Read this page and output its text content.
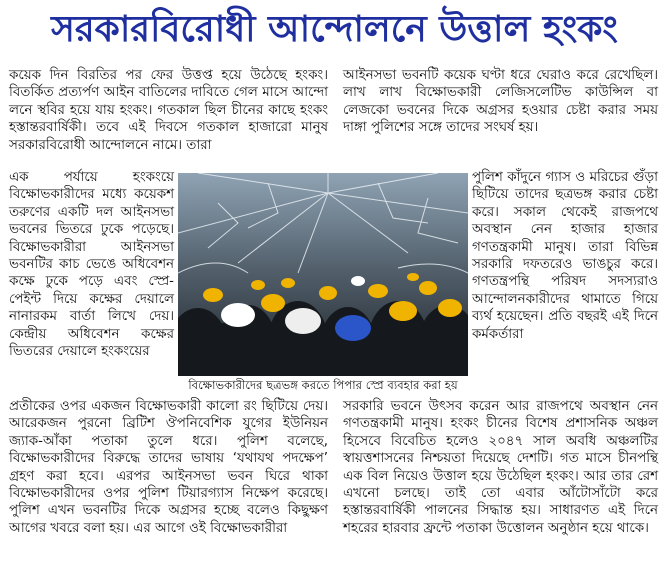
সরকারবিরোধী আন্দোলনে উত্তাল হংকং

কয়েক দিন বিরতির পর ফের উত্তপ্ত হয়ে উঠেছে হংকং। বিতর্কিত প্রত্যর্পণ আইন বাতিলের দাবিতে গেল মাসে আন্দো লনে স্থবির হয়ে যায় হংকং। গতকাল ছিল চীনের কাছে হংকং হস্তান্তরবার্ষিকী। তবে এই দিবসে গতকাল হাজারো মানুষ সরকারবিরোধী আন্দোলনে নামে। তারা

এক পর্যায়ে হংকংয়ে বিক্ষোভকারীদের মধ্যে কয়েকশ তরুণের একটি দল আইনসভা ভবনের ভিতরে ঢুকে পড়েছে। বিক্ষোভকারীরা আইনসভা ভবনটির কাচ ভেঙে অধিবেশন কক্ষে ঢুকে পড়ে এবং স্প্রে-পেইন্ট দিয়ে কক্ষের দেয়ালে নানারকম বার্তা লিখে দেয়। কেন্দ্রীয় অধিবেশন কক্ষের ভিতরের দেয়ালে হংকংয়ের

প্রতীকের ওপর একজন বিক্ষোভকারী কালো রং ছিটিয়ে দেয়। আরেকজন পুরনো ব্রিটিশ ঔপনিবেশিক যুগের ইউনিয়ন জ্যাক-আঁকা পতাকা তুলে ধরে। পুলিশ বলেছে, বিক্ষোভকারীদের বিরুদ্ধে তাদের ভাষায় ‘যথাযথ পদক্ষেপ’ গ্রহণ করা হবে। এরপর আইনসভা ভবন ঘিরে থাকা বিক্ষোভকারীদের ওপর পুলিশ টিয়ারগ্যাস নিক্ষেপ করেছে। পুলিশ এখন ভবনটির দিকে অগ্রসর হচ্ছে বলেও কিছুক্ষণ আগের খবরে বলা হয়। এর আগে ওই বিক্ষোভকারীরা

আইনসভা ভবনটি কয়েক ঘণ্টা ধরে ঘেরাও করে রেখেছিল। লাখ লাখ বিক্ষোভকারী লেজিসলেটিভ কাউন্সিল বা লেজকো ভবনের দিকে অগ্রসর হওয়ার চেষ্টা করার সময় দাঙ্গা পুলিশের সঙ্গে তাদের সংঘর্ষ হয়।

পুলিশ কাঁদুনে গ্যাস ও মরিচের গুঁড়া ছিটিয়ে তাদের ছত্রভঙ্গ করার চেষ্টা করে। সকাল থেকেই রাজপথে অবস্থান নেন হাজার হাজার গণতন্ত্রকামী মানুষ। তারা বিভিন্ন সরকারি দফতরেও ভাঙচুর করে। গণতন্ত্রপন্থি পরিষদ সদস্যরাও আন্দোলনকারীদের থামাতে গিয়ে ব্যর্থ হয়েছেন। প্রতি বছরই এই দিনে কর্মকর্তারা

সরকারি ভবনে উৎসব করেন আর রাজপথে অবস্থান নেন গণতন্ত্রকামী মানুষ। হংকং চীনের বিশেষ প্রশাসনিক অঞ্চল হিসেবে বিবেচিত হলেও ২০৪৭ সাল অবধি অঞ্চলটির স্বায়ত্তশাসনের নিশ্চয়তা দিয়েছে দেশটি। গত মাসে চীনপন্থি এক বিল নিয়েও উত্তাল হয়ে উঠেছিল হংকং। আর তার রেশ এখনো চলছে। তাই তো এবার আঁটোসাঁটো করে হস্তান্তরবার্ষিকী পালনের সিদ্ধান্ত হয়। সাধারণত এই দিনে শহরের হারবার ফ্রন্টে পতাকা উত্তোলন অনুষ্ঠান হয়ে থাকে।

বিক্ষোভকারীদের ছত্রভঙ্গ করতে পিপার স্প্রে ব্যবহার করা হয়
